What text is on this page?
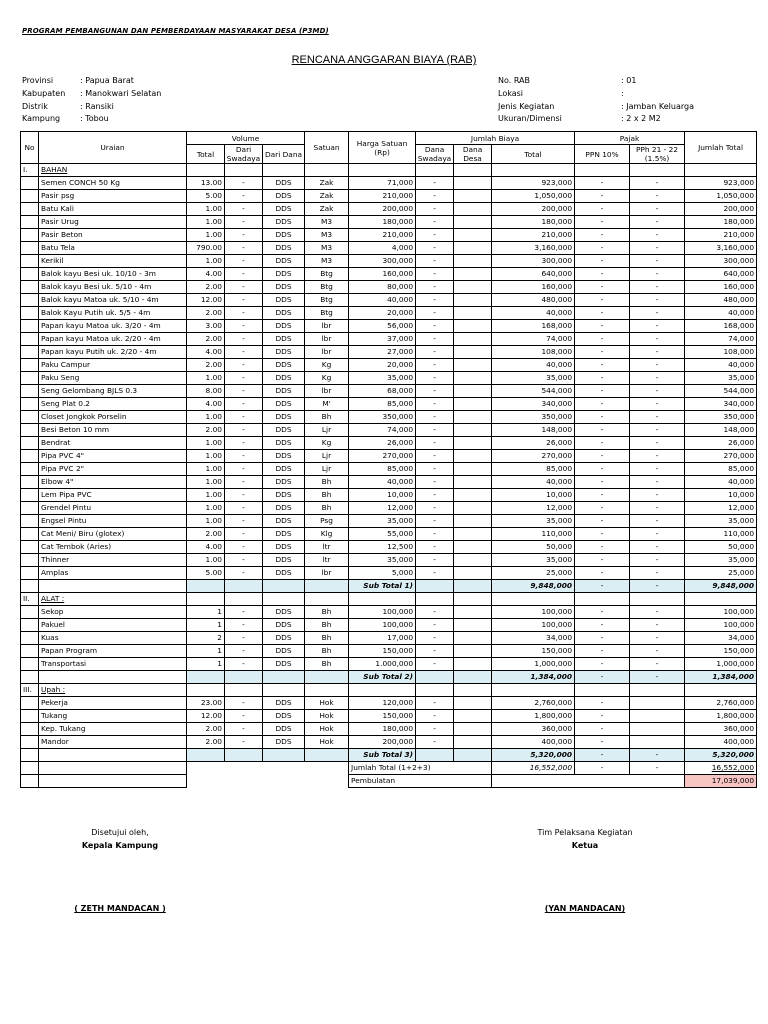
PROGRAM PEMBANGUNAN DAN PEMBERDAYAAN MASYARAKAT DESA (P3MD)
RENCANA ANGGARAN BIAYA (RAB)
Provinsi	: Papua Barat
Kabupaten	: Manokwari Selatan
Distrik	: Ransiki
Kampung	: Tobou
No. RAB	: 01
Lokasi	:
Jenis Kegiatan	: Jamban Keluarga
Ukuran/Dimensi	: 2 x 2 M2
No	Uraian	Volume			Satuan	Harga Satuan (Rp)	Jumlah Biaya			Pajak		Jumlah Total
		Total	Dari Swadaya	Dari Dana			Dana Swadaya	Dana Desa	Total	PPN 10%	PPh 21 - 22 (1.5%)	
I.	BAHAN											
	Semen CONCH 50 Kg	13.00	-	DDS	Zak	71,000	-		923,000	-	-	923,000
	Pasir psg	5.00	-	DDS	Zak	210,000	-		1,050,000	-	-	1,050,000
	Batu Kali	1.00	-	DDS	Zak	200,000	-		200,000	-	-	200,000
	Pasir Urug	1.00	-	DDS	M3	180,000	-		180,000	-	-	180,000
	Pasir Beton	1.00	-	DDS	M3	210,000	-		210,000	-	-	210,000
	Batu Tela	790.00	-	DDS	M3	4,000	-		3,160,000	-	-	3,160,000
	Kerikil	1.00	-	DDS	M3	300,000	-		300,000	-	-	300,000
	Balok kayu Besi uk. 10/10 - 3m	4.00	-	DDS	Btg	160,000	-		640,000	-	-	640,000
	Balok kayu Besi uk. 5/10 - 4m	2.00	-	DDS	Btg	80,000	-		160,000	-	-	160,000
	Balok kayu Matoa uk. 5/10 - 4m	12.00	-	DDS	Btg	40,000	-		480,000	-	-	480,000
	Balok Kayu Putih uk. 5/5 - 4m	2.00	-	DDS	Btg	20,000	-		40,000	-	-	40,000
	Papan kayu Matoa uk. 3/20 - 4m	3.00	-	DDS	lbr	56,000	-		168,000	-	-	168,000
	Papan kayu Matoa uk. 2/20 - 4m	2.00	-	DDS	lbr	37,000	-		74,000	-	-	74,000
	Papan kayu Putih uk. 2/20 - 4m	4.00	-	DDS	lbr	27,000	-		108,000	-	-	108,000
	Paku Campur	2.00	-	DDS	Kg	20,000	-		40,000	-	-	40,000
	Paku Seng	1.00	-	DDS	Kg	35,000	-		35,000	-	-	35,000
	Seng Gelombang BJLS 0.3	8.00	-	DDS	lbr	68,000	-		544,000	-	-	544,000
	Seng Plat 0.2	4.00	-	DDS	M'	85,000	-		340,000	-	-	340,000
	Closet Jongkok Porselin	1.00	-	DDS	Bh	350,000	-		350,000	-	-	350,000
	Besi Beton 10 mm	2.00	-	DDS	Ljr	74,000	-		148,000	-	-	148,000
	Bendrat	1.00	-	DDS	Kg	26,000	-		26,000	-	-	26,000
	Pipa PVC 4"	1.00	-	DDS	Ljr	270,000	-		270,000	-	-	270,000
	Pipa PVC 2"	1.00	-	DDS	Ljr	85,000	-		85,000	-	-	85,000
	Elbow 4"	1.00	-	DDS	Bh	40,000	-		40,000	-	-	40,000
	Lem Pipa PVC	1.00	-	DDS	Bh	10,000	-		10,000	-	-	10,000
	Grendel Pintu	1.00	-	DDS	Bh	12,000	-		12,000	-	-	12,000
	Engsel Pintu	1.00	-	DDS	Psg	35,000	-		35,000	-	-	35,000
	Cat Meni/ Biru (glotex)	2.00	-	DDS	Klg	55,000	-		110,000	-	-	110,000
	Cat Tembok (Aries)	4.00	-	DDS	ltr	12,500	-		50,000	-	-	50,000
	Thinner	1.00	-	DDS	ltr	35,000	-		35,000	-	-	35,000
	Amplas	5.00	-	DDS	lbr	5,000	-		25,000	-	-	25,000
						Sub Total 1)			9,848,000	-	-	9,848,000
II.	ALAT :											
	Sekop	1	-	DDS	Bh	100,000	-		100,000	-	-	100,000
	Pakuel	1	-	DDS	Bh	100,000	-		100,000	-	-	100,000
	Kuas	2	-	DDS	Bh	17,000	-		34,000	-	-	34,000
	Papan Program	1	-	DDS	Bh	150,000	-		150,000	-	-	150,000
	Transportasi	1	-	DDS	Bh	1.000,000	-		1,000,000	-	-	1,000,000
						Sub Total 2)			1,384,000	-	-	1,384,000
III.	Upah :											
	Pekerja	23.00	-	DDS	Hok	120,000	-		2,760,000	-		2,760,000
	Tukang	12.00	-	DDS	Hok	150,000	-		1,800,000	-		1,800,000
	Kep. Tukang	2.00	-	DDS	Hok	180,000	-		360,000	-		360,000
	Mandor	2.00	-	DDS	Hok	200,000	-		400,000	-		400,000
						Sub Total 3)			5,320,000	-	-	5,320,000
						Jumlah Total (1+2+3)			16,552,000	-	-	16,552,000
						Pembulatan						17,039,000
Disetujui oleh,
Kepala Kampung
( ZETH MANDACAN )
Tim Pelaksana Kegiatan
Ketua
(YAN MANDACAN)
